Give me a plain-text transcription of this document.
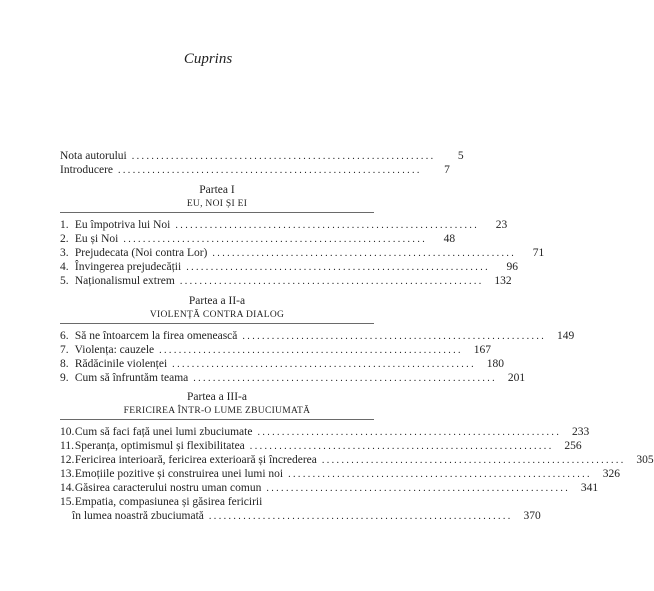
Cuprins
Nota autorului ..............................................................	5
Introducere ..............................................................	7
Partea I
EU, NOI ȘI EI
1. Eu împotriva lui Noi ..............................................................	23
2. Eu și Noi ..............................................................	48
3. Prejudecata (Noi contra Lor) ..............................................................	71
4. Învingerea prejudecății ..............................................................	96
5. Naționalismul extrem .............................................................. 132
Partea a II-a
VIOLENȚĂ CONTRA DIALOG
6. Să ne întoarcem la firea omenească .............................................................. 149
7. Violența: cauzele .............................................................. 167
8. Rădăcinile violenței .............................................................. 180
9. Cum să înfruntăm teama .............................................................. 201
Partea a III-a
FERICIREA ÎNTR-O LUME ZBUCIUMATĂ
10. Cum să faci față unei lumi zbuciumate .............................................................. 233
11. Speranța, optimismul și flexibilitatea .............................................................. 256
12. Fericirea interioară, fericirea exterioară și încrederea .............................................................. 305
13. Emoțiile pozitive și construirea unei lumi noi .............................................................. 326
14. Găsirea caracterului nostru uman comun .............................................................. 341
15. Empatia, compasiunea și găsirea fericirii
în lumea noastră zbuciumată .............................................................. 370
